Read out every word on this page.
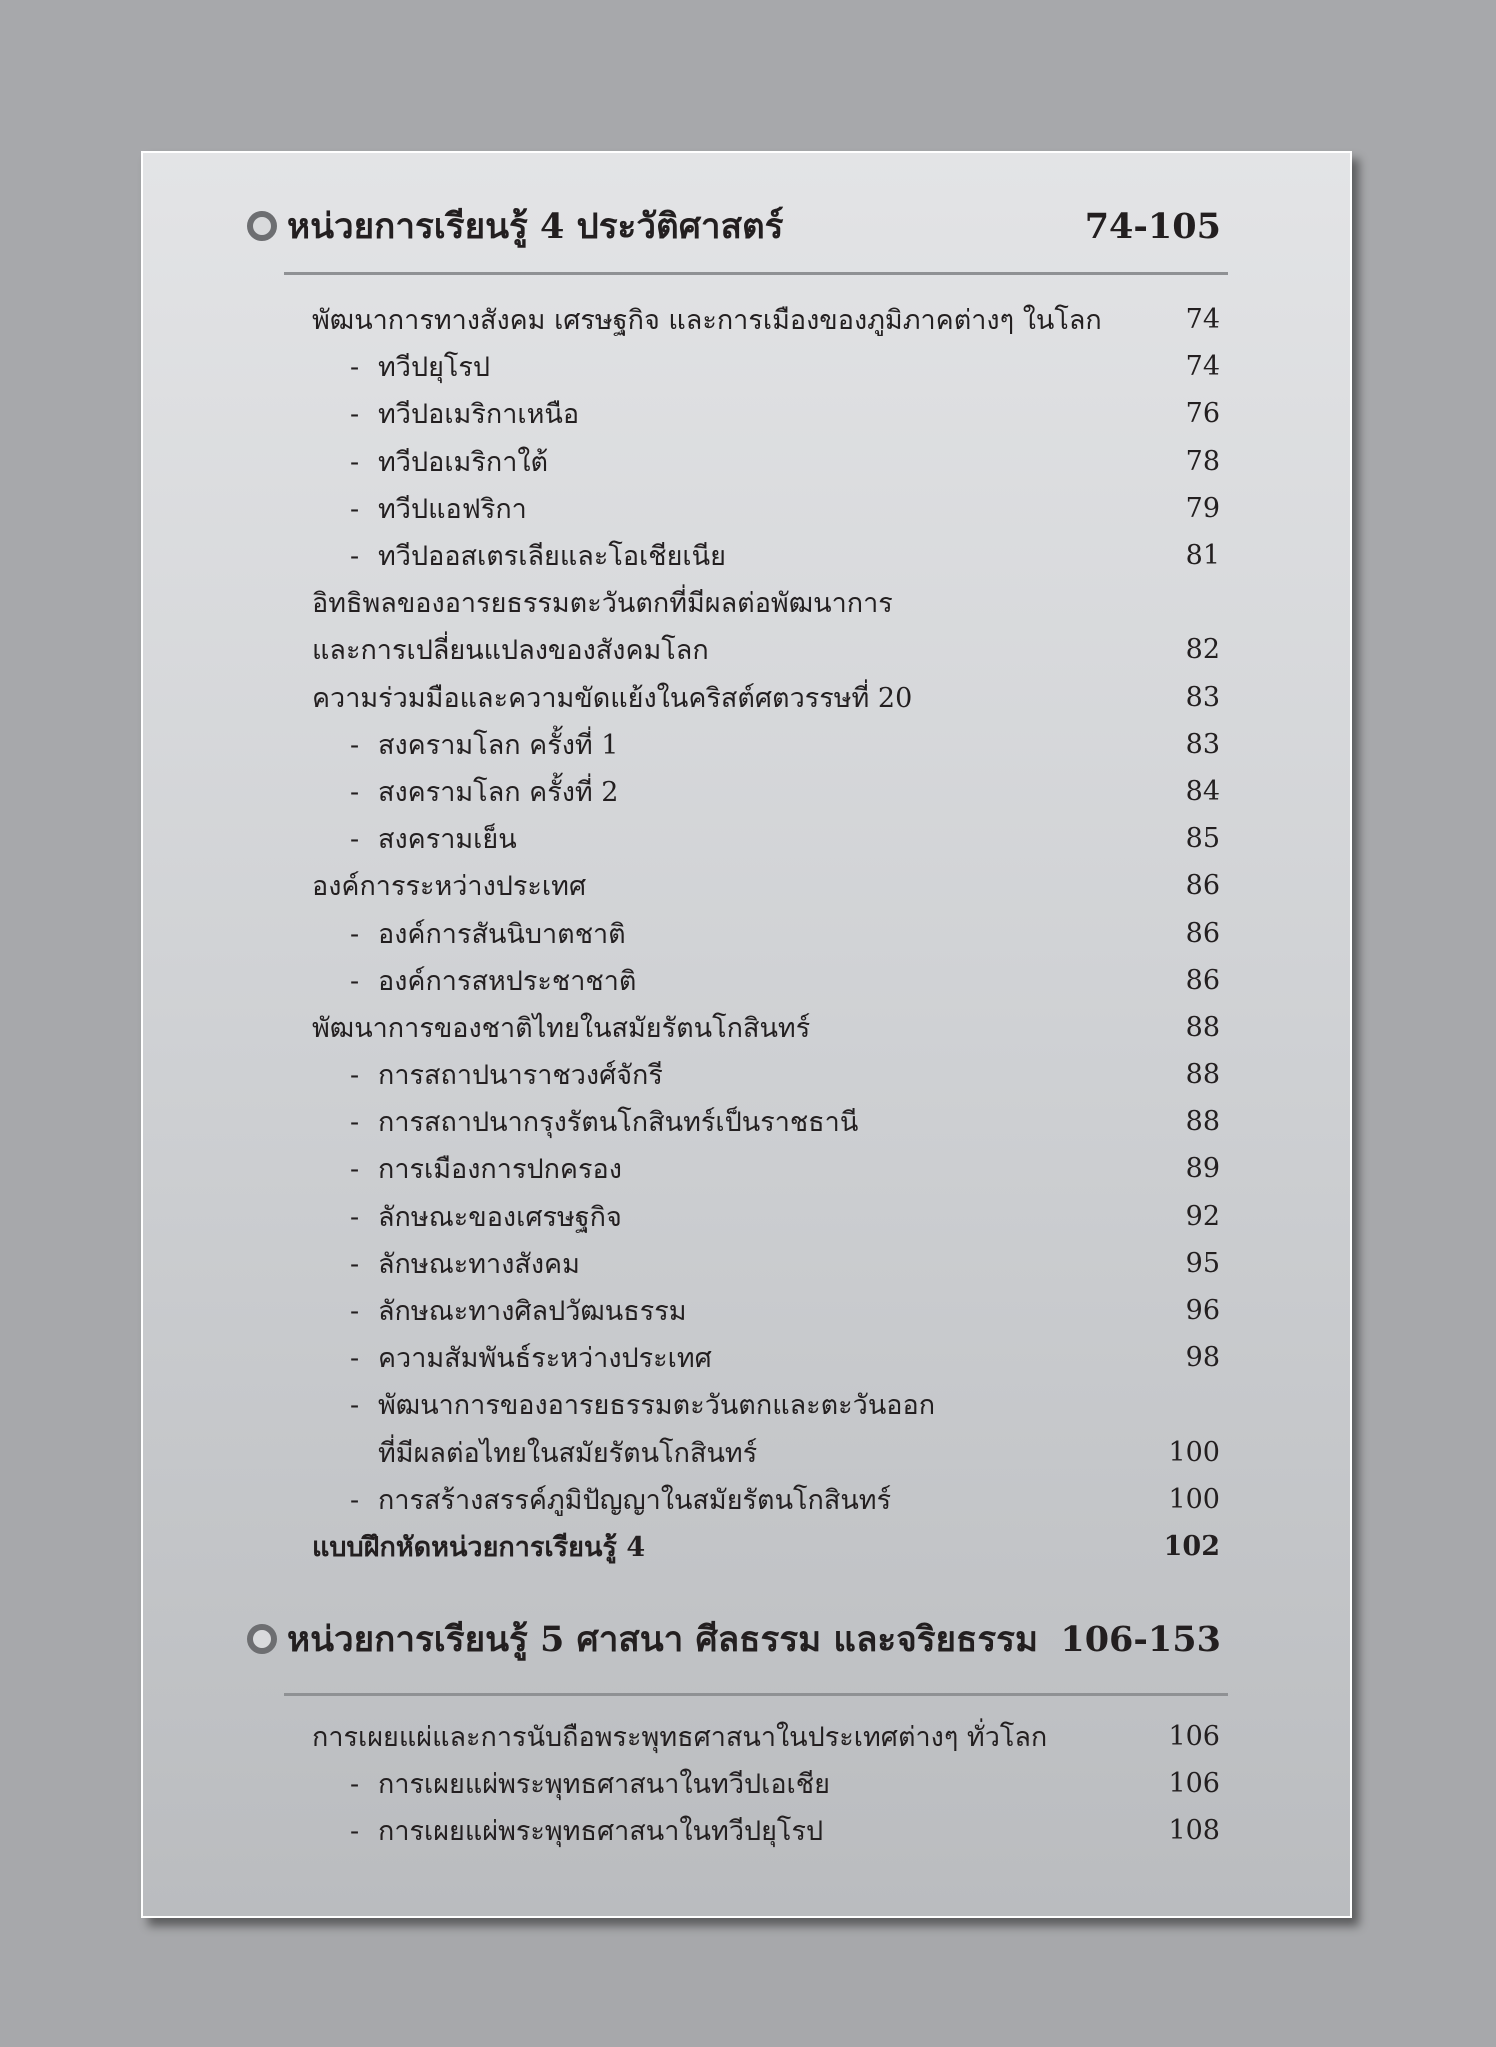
หน่วยการเรียนรู้ 4 ประวัติศาสตร์	74-105
พัฒนาการทางสังคม เศรษฐกิจ และการเมืองของภูมิภาคต่างๆ ในโลก	74
- ทวีปยุโรป	74
- ทวีปอเมริกาเหนือ	76
- ทวีปอเมริกาใต้	78
- ทวีปแอฟริกา	79
- ทวีปออสเตรเลียและโอเชียเนีย	81
อิทธิพลของอารยธรรมตะวันตกที่มีผลต่อพัฒนาการ
และการเปลี่ยนแปลงของสังคมโลก	82
ความร่วมมือและความขัดแย้งในคริสต์ศตวรรษที่ 20	83
- สงครามโลก ครั้งที่ 1	83
- สงครามโลก ครั้งที่ 2	84
- สงครามเย็น	85
องค์การระหว่างประเทศ	86
- องค์การสันนิบาตชาติ	86
- องค์การสหประชาชาติ	86
พัฒนาการของชาติไทยในสมัยรัตนโกสินทร์	88
- การสถาปนาราชวงศ์จักรี	88
- การสถาปนากรุงรัตนโกสินทร์เป็นราชธานี	88
- การเมืองการปกครอง	89
- ลักษณะของเศรษฐกิจ	92
- ลักษณะทางสังคม	95
- ลักษณะทางศิลปวัฒนธรรม	96
- ความสัมพันธ์ระหว่างประเทศ	98
- พัฒนาการของอารยธรรมตะวันตกและตะวันออก
ที่มีผลต่อไทยในสมัยรัตนโกสินทร์	100
- การสร้างสรรค์ภูมิปัญญาในสมัยรัตนโกสินทร์	100
แบบฝึกหัดหน่วยการเรียนรู้ 4	102
หน่วยการเรียนรู้ 5 ศาสนา ศีลธรรม และจริยธรรม 106-153
การเผยแผ่และการนับถือพระพุทธศาสนาในประเทศต่างๆ ทั่วโลก	106
- การเผยแผ่พระพุทธศาสนาในทวีปเอเชีย	106
- การเผยแผ่พระพุทธศาสนาในทวีปยุโรป	108
